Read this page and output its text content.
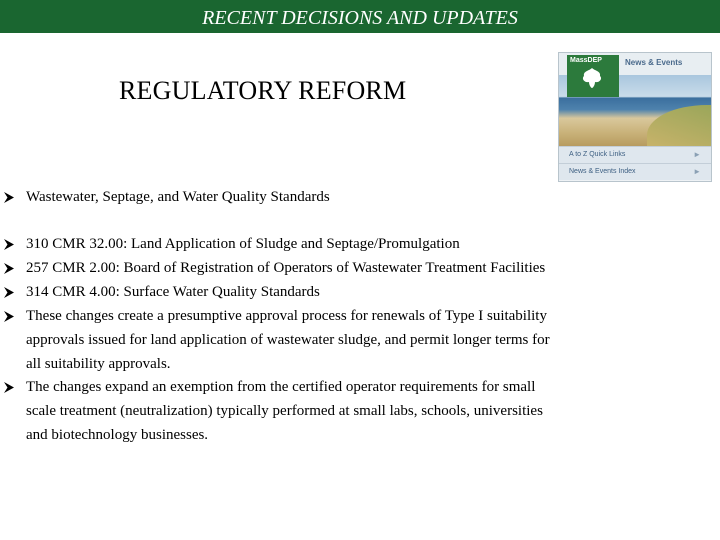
RECENT DECISIONS AND UPDATES
REGULATORY REFORM
MassDEP	News & Events
A to Z Quick Links	►
News & Events Index	►
Wastewater, Septage, and Water Quality Standards
310 CMR 32.00: Land Application of Sludge and Septage/Promulgation
257 CMR 2.00: Board of Registration of Operators of Wastewater Treatment Facilities
314 CMR 4.00: Surface Water Quality Standards
These changes create a presumptive approval process for renewals of Type I suitability
approvals issued for land application of wastewater sludge, and permit longer terms for
all suitability approvals.
The changes expand an exemption from the certified operator requirements for small
scale treatment (neutralization) typically performed at small labs, schools, universities
and biotechnology businesses.
